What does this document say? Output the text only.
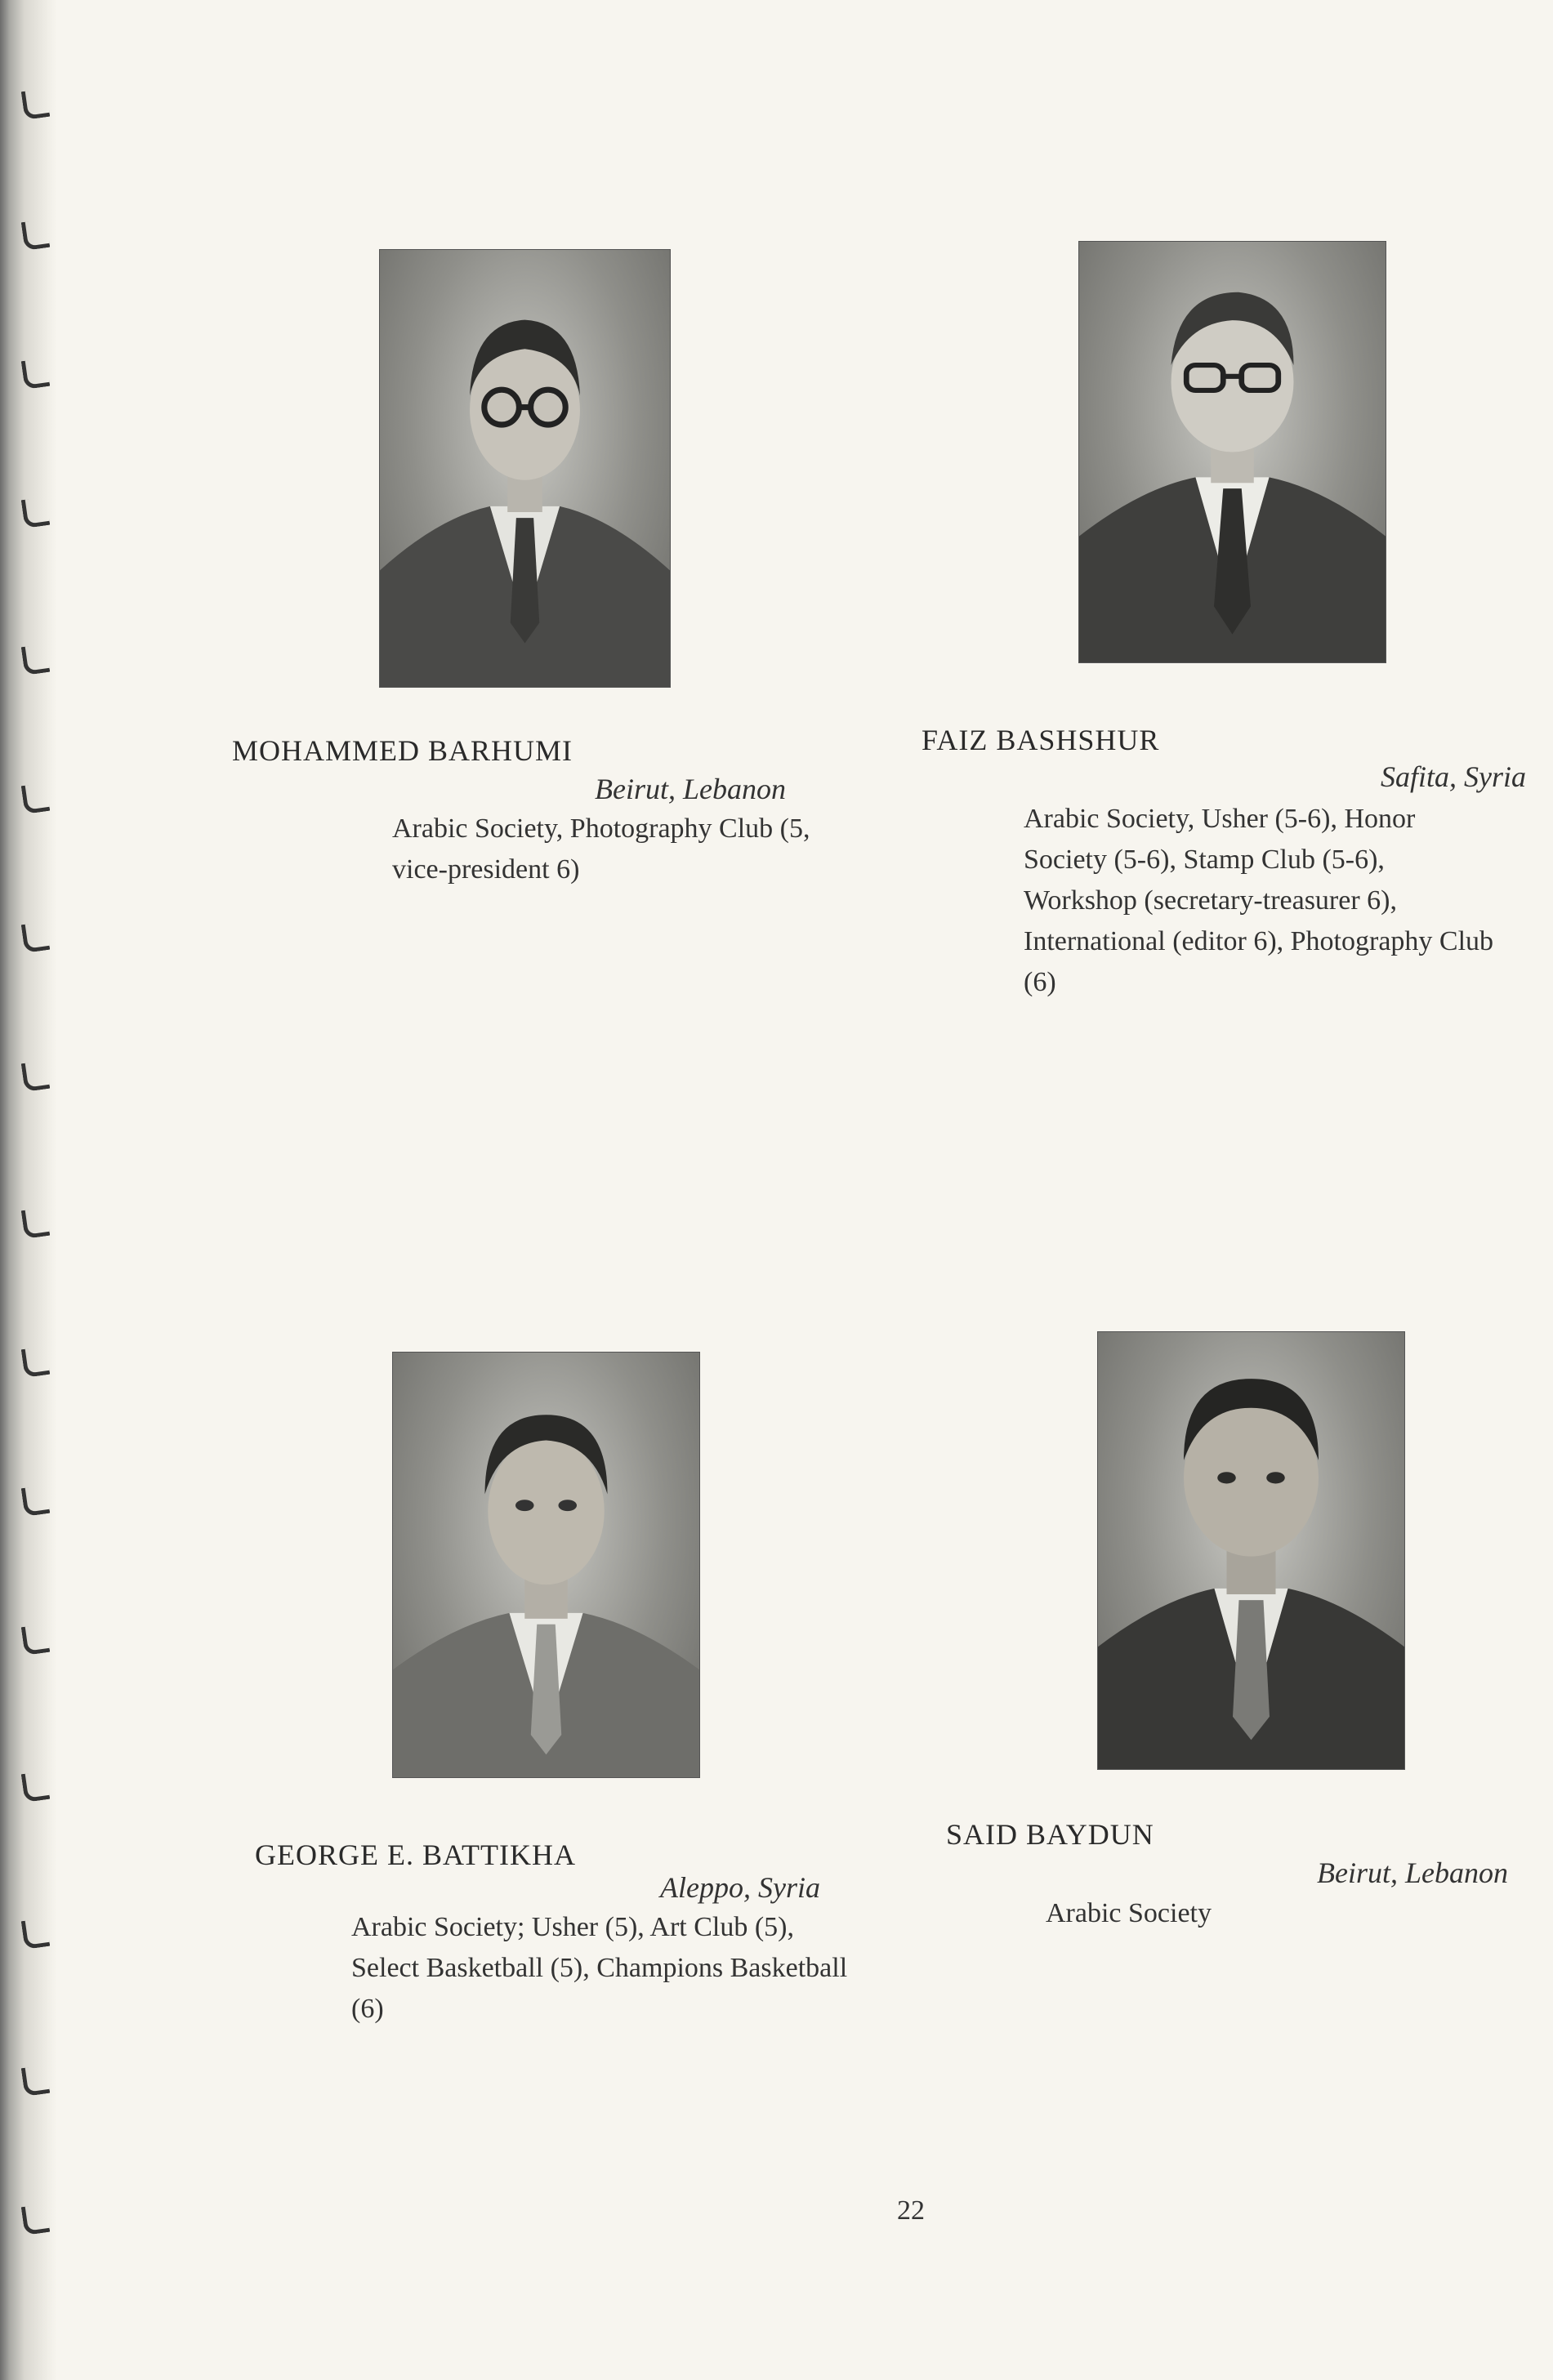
MOHAMMED BARHUMI
Beirut, Lebanon
Arabic Society, Photography Club (5, vice-president 6)
FAIZ BASHSHUR
Safita, Syria
Arabic Society, Usher (5-6), Honor Society (5-6), Stamp Club (5-6), Workshop (secretary-treasurer 6), International (editor 6), Photography Club (6)
GEORGE E. BATTIKHA
Aleppo, Syria
Arabic Society; Usher (5), Art Club (5), Select Basketball (5), Champions Basketball (6)
SAID BAYDUN
Beirut, Lebanon
Arabic Society
22
